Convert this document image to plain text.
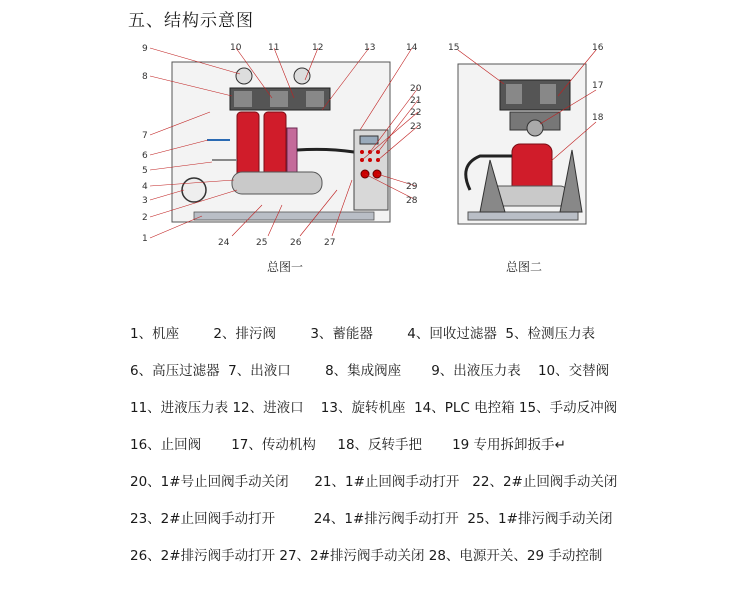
五、结构示意图
9
8
7
6
5
4
3
2
1
10	11	12	13	14
20
21
22
23
29
28
24	25	26	27
15	16
17
18
总图一	总图二
1、机座        2、排污阀        3、蓄能器        4、回收过滤器  5、检测压力表
6、高压过滤器  7、出液口        8、集成阀座       9、出液压力表    10、交替阀
11、进液压力表 12、进液口    13、旋转机座  14、PLC 电控箱 15、手动反冲阀
16、止回阀       17、传动机构     18、反转手把       19 专用拆卸扳手↵
20、1#号止回阀手动关闭      21、1#止回阀手动打开   22、2#止回阀手动关闭
23、2#止回阀手动打开         24、1#排污阀手动打开  25、1#排污阀手动关闭
26、2#排污阀手动打开 27、2#排污阀手动关闭 28、电源开关、29 手动控制
